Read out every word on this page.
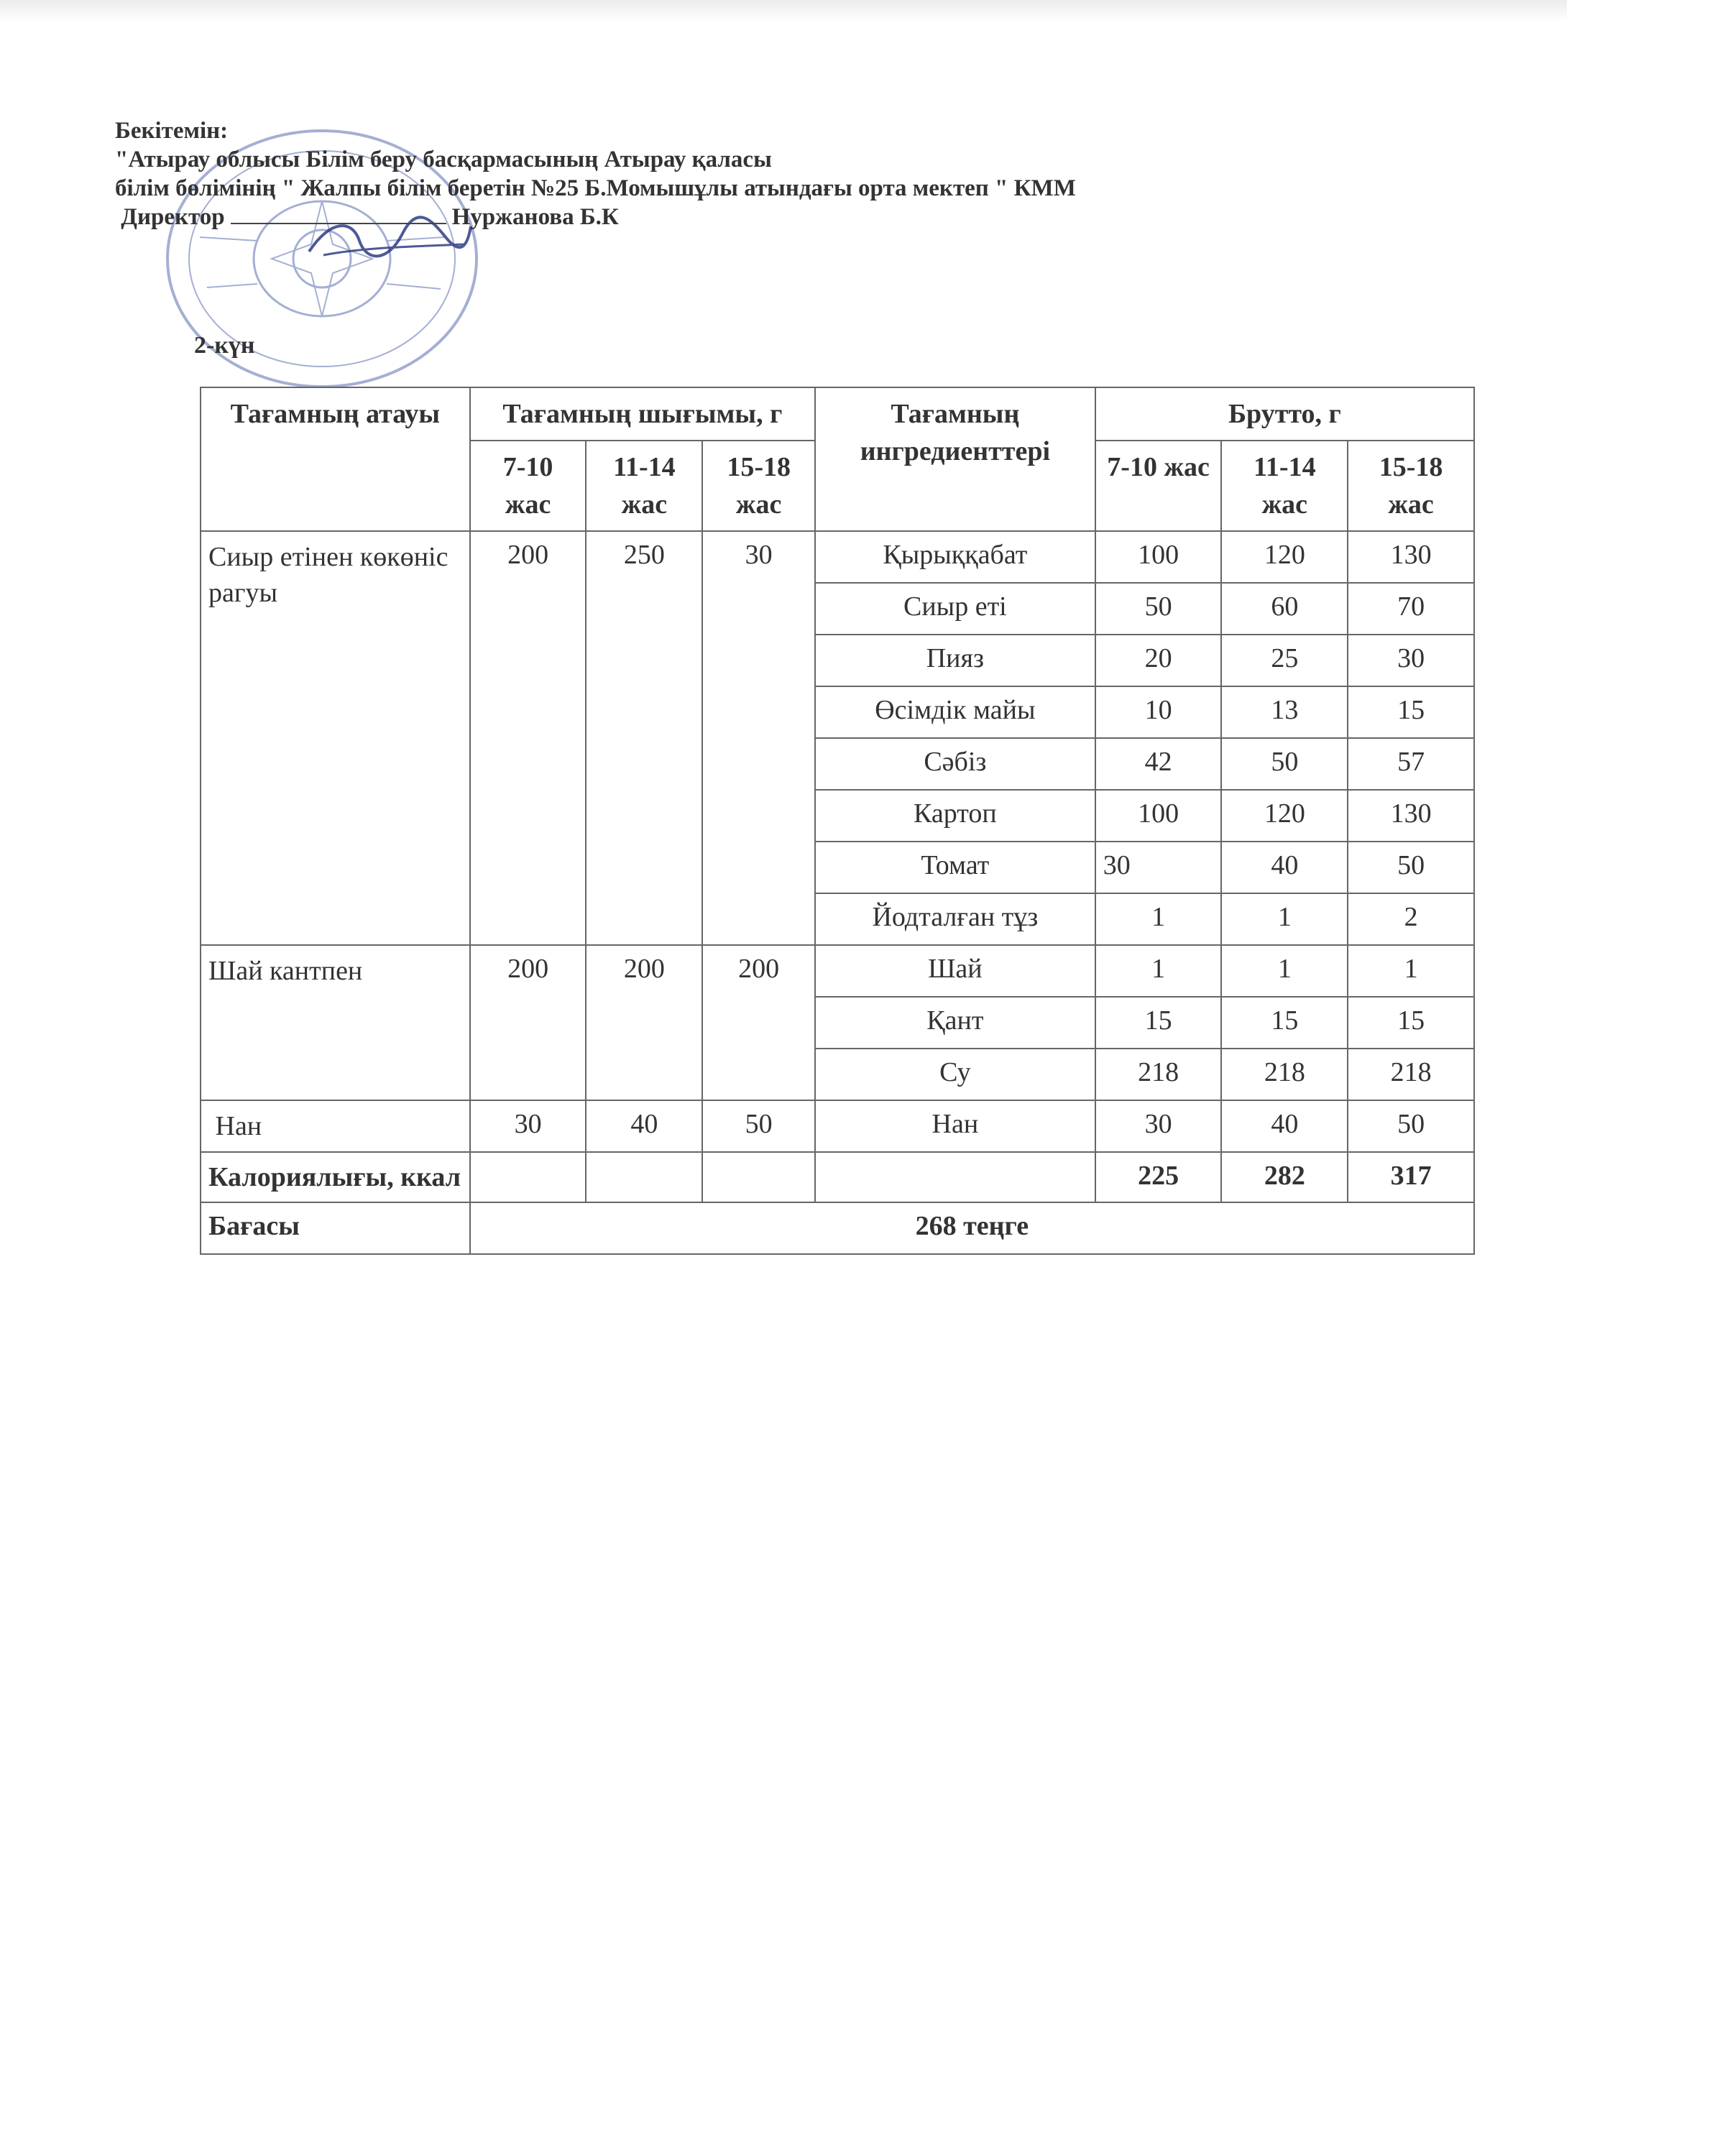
Бекітемін:
"Атырау облысы Білім беру басқармасының Атырау қаласы
білім бөлімінің " Жалпы білім беретін №25 Б.Момышұлы атындағы орта мектеп " КММ
Директор	Нуржанова Б.К
2-күн
Тағамның атауы	Тағамның шығымы, г			Тағамның ингредиенттері	Брутто, г		
	7-10 жас	11-14 жас	15-18 жас		7-10 жас	11-14 жас	15-18 жас
Сиыр етінен көкөніс рагуы	200	250	30	Қырыққабат	100	120	130
				Сиыр еті	50	60	70
				Пияз	20	25	30
				Өсімдік майы	10	13	15
				Сәбіз	42	50	57
				Картоп	100	120	130
				Томат	30	40	50
				Йодталған тұз	1	1	2
Шай кантпен	200	200	200	Шай	1	1	1
				Қант	15	15	15
				Су	218	218	218
Нан	30	40	50	Нан	30	40	50
Калориялығы, ккал					225	282	317
Бағасы	268 теңге						
